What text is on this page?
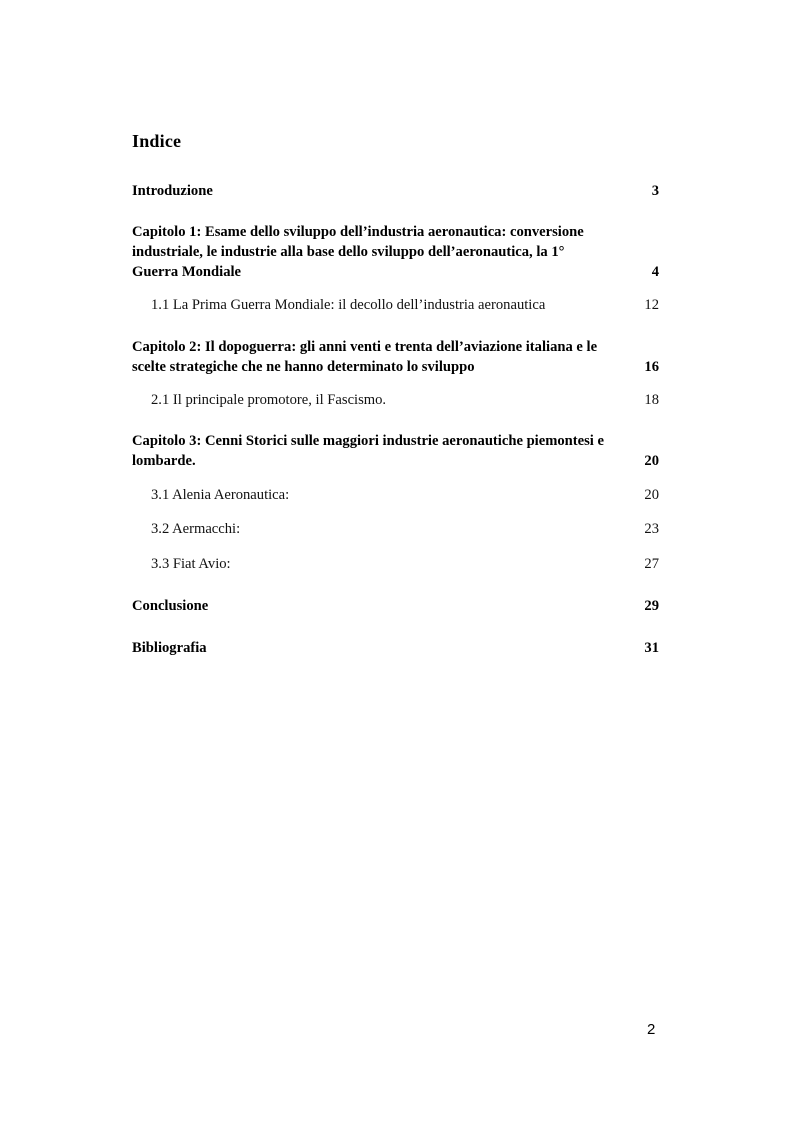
Indice
Introduzione	3
Capitolo 1: Esame dello sviluppo dell’industria aeronautica: conversione
industriale, le industrie alla base dello sviluppo dell’aeronautica, la 1°
Guerra Mondiale	4
1.1 La Prima Guerra Mondiale: il decollo dell’industria aeronautica	12
Capitolo 2: Il dopoguerra: gli anni venti e trenta dell’aviazione italiana e le
scelte strategiche che ne hanno determinato lo sviluppo	16
2.1 Il principale promotore, il Fascismo.	18
Capitolo 3: Cenni Storici sulle maggiori industrie aeronautiche piemontesi e
lombarde.	20
3.1 Alenia Aeronautica:	20
3.2 Aermacchi:	23
3.3 Fiat Avio:	27
Conclusione	29
Bibliografia	31
2
